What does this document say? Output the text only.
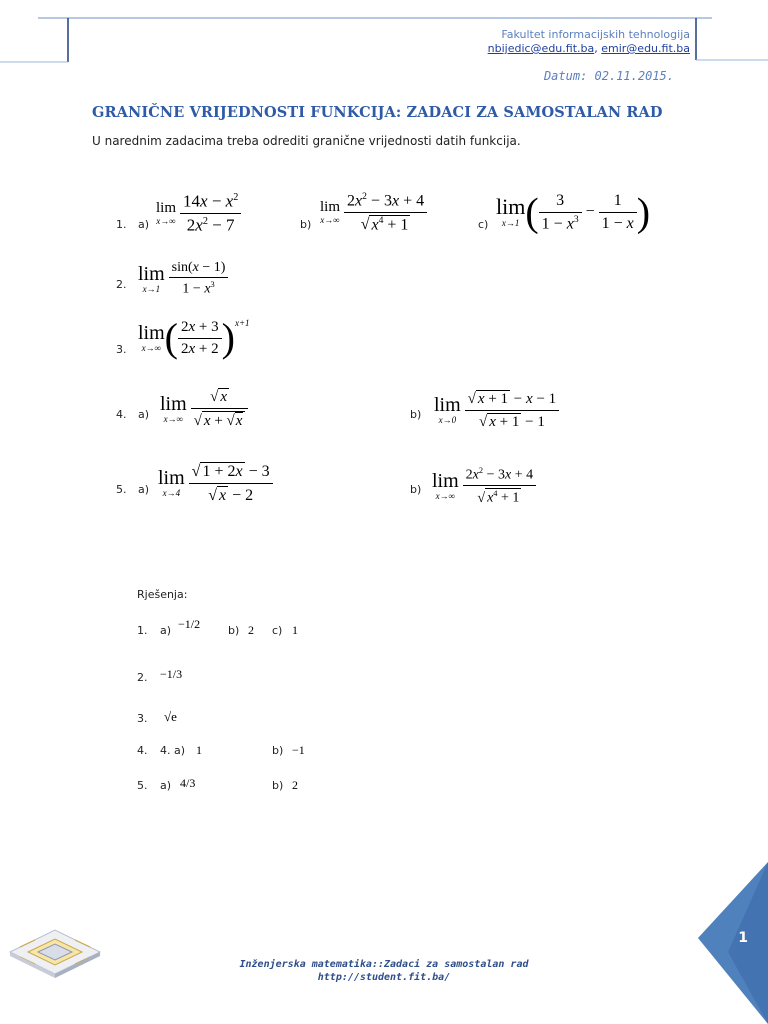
Fakultet informacijskih tehnologija
nbijedic@edu.fit.ba, emir@edu.fit.ba
Datum: 02.11.2015.
GRANIČNE VRIJEDNOSTI FUNKCIJA: ZADACI ZA SAMOSTALAN RAD
U narednim zadacima treba odrediti granične vrijednosti datih funkcija.
1. a)
lim
x→∞
$\frac{14x - x^2}{2x^2 - 7}$	b)
lim
x→∞
$\frac{2x^2 - 3x + 4}{√ x^4 + 1}$	c)
lim
x→1 ( $\frac{3}{1 - x^3} - \frac{1}{1 - x}$ )
2. lim
x→1
$\frac{\sin(x - 1)}{1 - x^3}$
3.
lim
x→∞ ( $\frac{2x + 3}{2x + 2} )^{x+1}$
4. a) lim
x→∞
$\frac{√ x}{√ x + √x}$	b) lim
x→0
$\frac{√ x + 1 - x - 1}{√ x + 1 - 1}$
5. a)
lim
x→4
$\frac{√ 1 + 2x - 3}{√ x - 2}$	b) lim
x→∞
$\frac{2x^2 - 3x + 4}{√ x^4 + 1}$
Rješenja:
1. a) −1/2	b) 2 c) 1
2. −1/3
3. √e
4. 4. a) 1	b) −1
5. a) 4/3	b) 2
1
Inženjerska matematika::Zadaci za samostalan rad
http://student.fit.ba/
